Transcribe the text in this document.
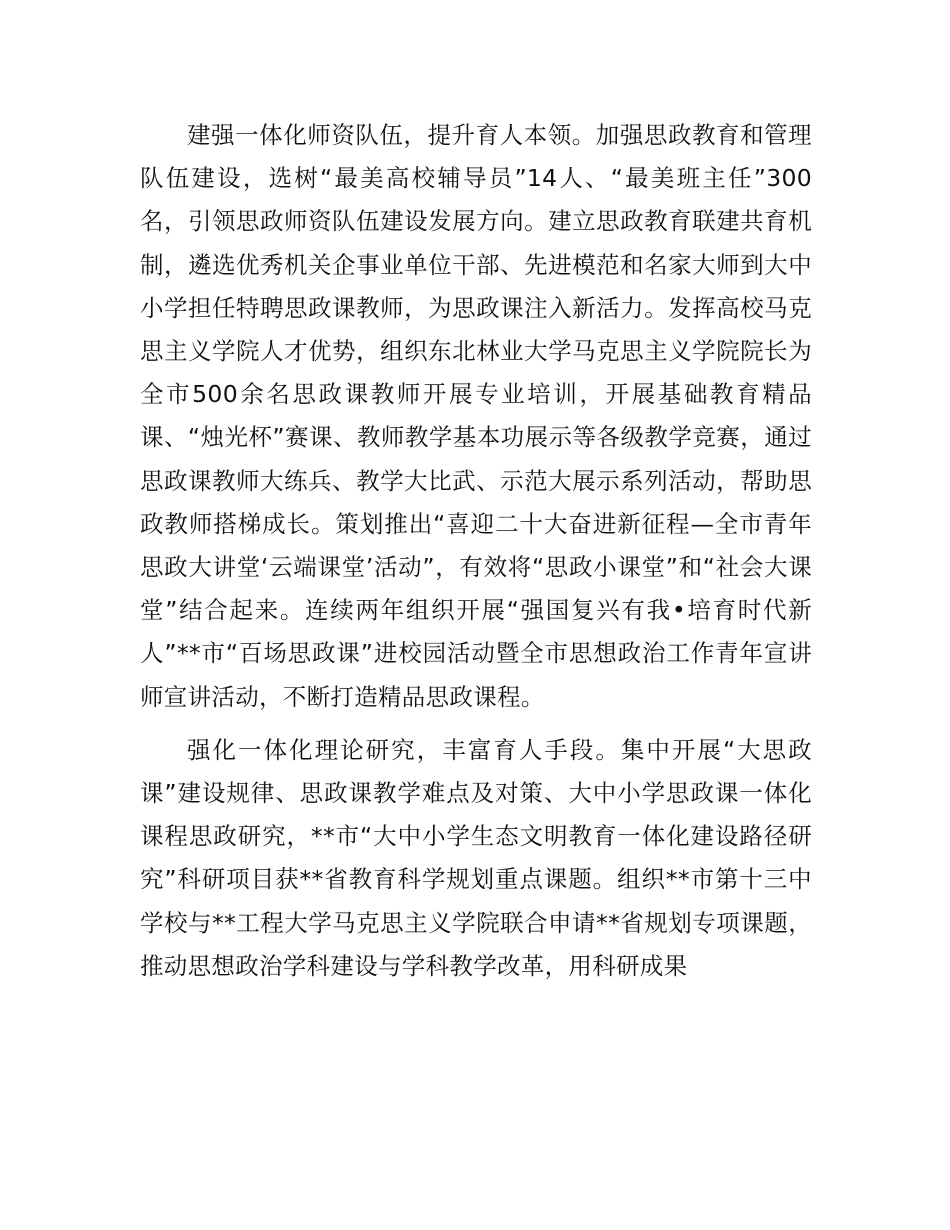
建强一体化师资队伍，提升育人本领。加强思政教育和管理队伍建设，选树“最美高校辅导员”14人、“最美班主任”300名，引领思政师资队伍建设发展方向。建立思政教育联建共育机制，遴选优秀机关企事业单位干部、先进模范和名家大师到大中小学担任特聘思政课教师，为思政课注入新活力。发挥高校马克思主义学院人才优势，组织东北林业大学马克思主义学院院长为全市500余名思政课教师开展专业培训，开展基础教育精品课、“烛光杯”赛课、教师教学基本功展示等各级教学竞赛，通过思政课教师大练兵、教学大比武、示范大展示系列活动，帮助思政教师搭梯成长。策划推出“喜迎二十大奋进新征程—全市青年思政大讲堂‘云端课堂’活动”，有效将“思政小课堂”和“社会大课堂”结合起来。连续两年组织开展“强国复兴有我•培育时代新人”**市“百场思政课”进校园活动暨全市思想政治工作青年宣讲师宣讲活动，不断打造精品思政课程。

强化一体化理论研究，丰富育人手段。集中开展“大思政课”建设规律、思政课教学难点及对策、大中小学思政课一体化课程思政研究，**市“大中小学生态文明教育一体化建设路径研究”科研项目获**省教育科学规划重点课题。组织**市第十三中学校与**工程大学马克思主义学院联合申请**省规划专项课题，推动思想政治学科建设与学科教学改革，用科研成果
